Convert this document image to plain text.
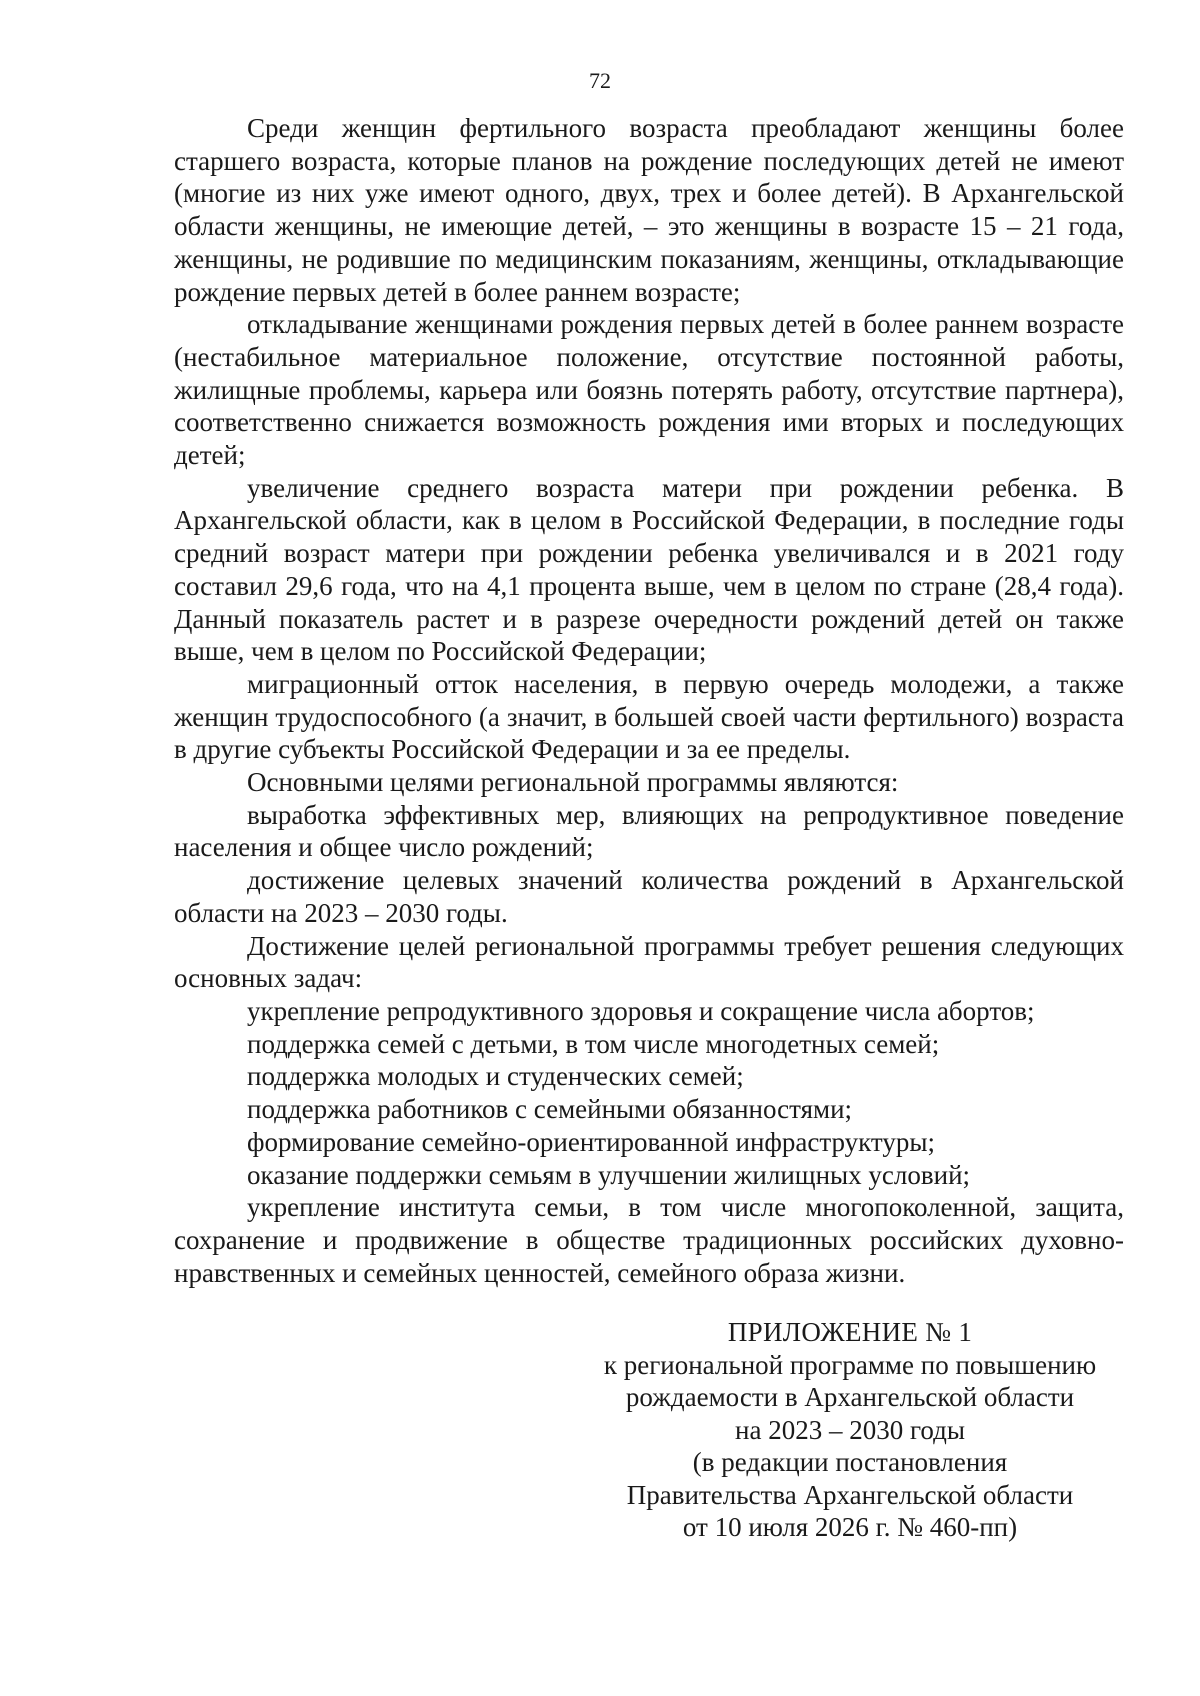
72

Среди женщин фертильного возраста преобладают женщины более старшего возраста, которые планов на рождение последующих детей не имеют (многие из них уже имеют одного, двух, трех и более детей). В Архангельской области женщины, не имеющие детей, – это женщины в возрасте 15 – 21 года, женщины, не родившие по медицинским показаниям, женщины, откладывающие рождение первых детей в более раннем возрасте;

откладывание женщинами рождения первых детей в более раннем возрасте (нестабильное материальное положение, отсутствие постоянной работы, жилищные проблемы, карьера или боязнь потерять работу, отсутствие партнера), соответственно снижается возможность рождения ими вторых и последующих детей;

увеличение среднего возраста матери при рождении ребенка. В Архангельской области, как в целом в Российской Федерации, в последние годы средний возраст матери при рождении ребенка увеличивался и в 2021 году составил 29,6 года, что на 4,1 процента выше, чем в целом по стране (28,4 года). Данный показатель растет и в разрезе очередности рождений детей он также выше, чем в целом по Российской Федерации;

миграционный отток населения, в первую очередь молодежи, а также женщин трудоспособного (а значит, в большей своей части фертильного) возраста в другие субъекты Российской Федерации и за ее пределы.

Основными целями региональной программы являются:

выработка эффективных мер, влияющих на репродуктивное поведение населения и общее число рождений;

достижение целевых значений количества рождений в Архангельской области на 2023 – 2030 годы.

Достижение целей региональной программы требует решения следующих основных задач:

укрепление репродуктивного здоровья и сокращение числа абортов;

поддержка семей с детьми, в том числе многодетных семей;

поддержка молодых и студенческих семей;

поддержка работников с семейными обязанностями;

формирование семейно-ориентированной инфраструктуры;

оказание поддержки семьям в улучшении жилищных условий;

укрепление института семьи, в том числе многопоколенной, защита, сохранение и продвижение в обществе традиционных российских духовно-нравственных и семейных ценностей, семейного образа жизни.

ПРИЛОЖЕНИЕ № 1
к региональной программе по повышению
рождаемости в Архангельской области
на 2023 – 2030 годы
(в редакции постановления
Правительства Архангельской области
от 10 июля 2026 г. № 460-пп)
